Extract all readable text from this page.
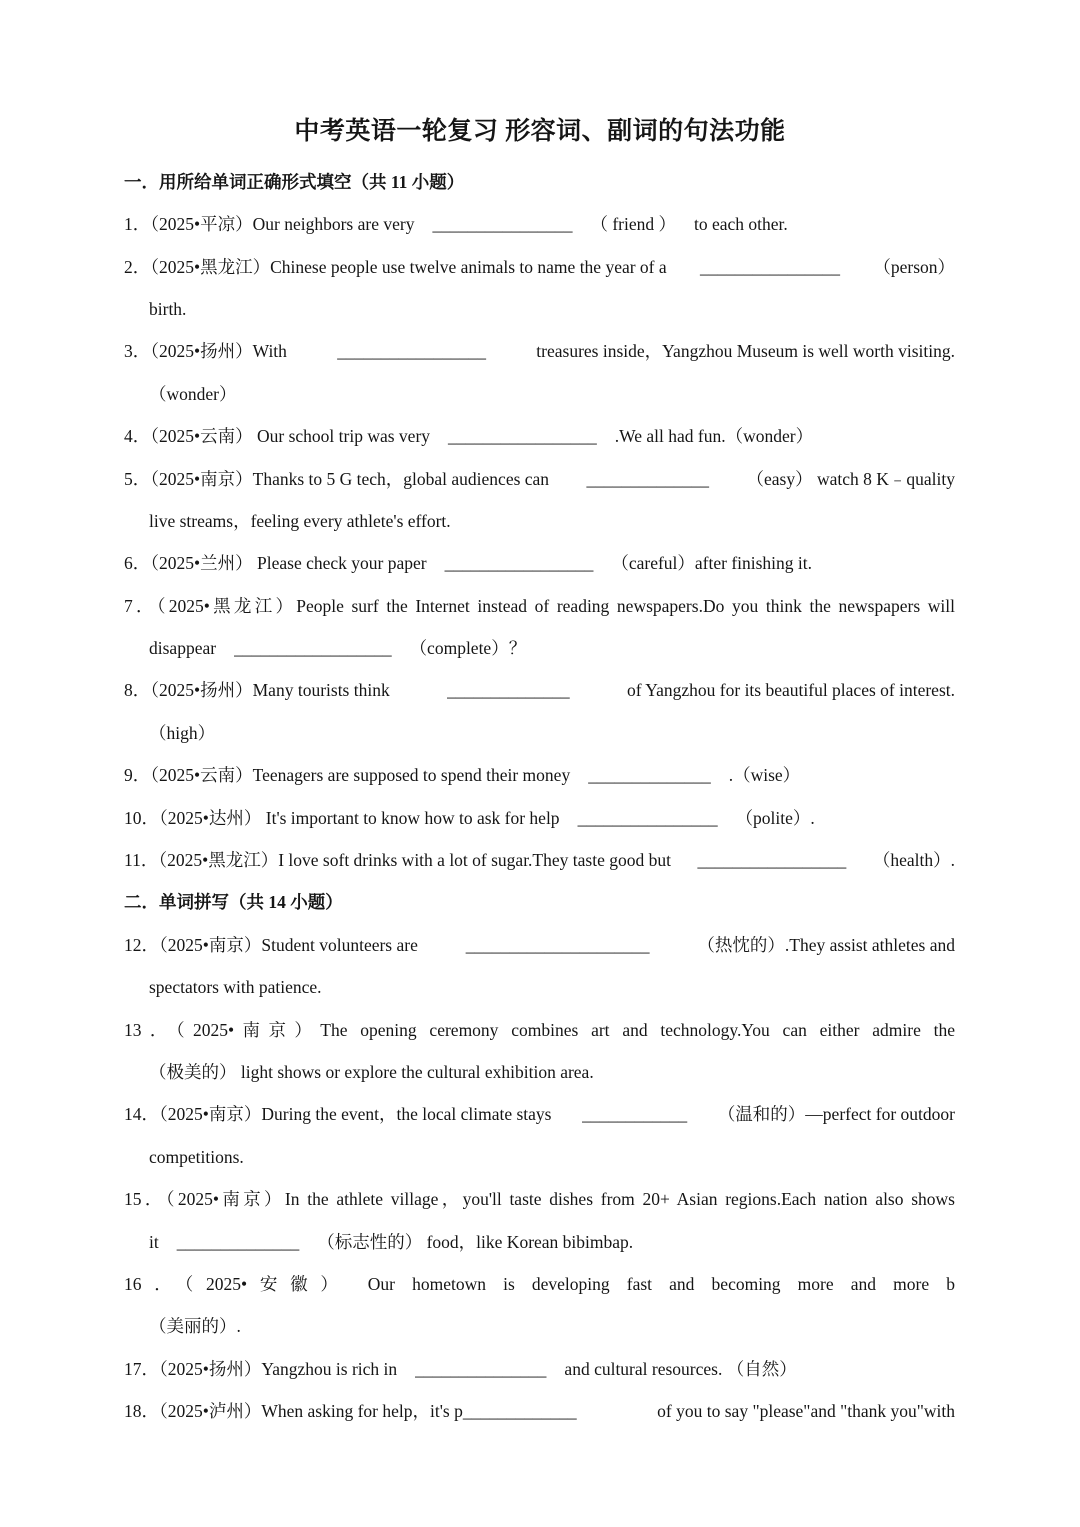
中考英语一轮复习 形容词、副词的句法功能
一．用所给单词正确形式填空（共 11 小题）
1．（2025•平凉）Our neighbors are very ________________ （ friend ） to each other.
2．（2025•黑龙江）Chinese people use twelve animals to name the year of a ________________ （person）
birth.
3．（2025•扬州）With	_________________	treasures inside，Yangzhou Museum is well worth visiting.
（wonder）
4．（2025•云南） Our school trip was very _________________ .We all had fun.（wonder）
5．（2025•南京）Thanks to 5 G tech，global audiences can ______________ （easy） watch 8 K﹣quality
live streams，feeling every athlete's effort.
6．（2025•兰州） Please check your paper _________________ （careful）after finishing it.
7．（2025•黑龙江）People surf the Internet instead of reading newspapers.Do you think the newspapers will
disappear __________________ （complete）？
8．（2025•扬州）Many tourists think	______________	of Yangzhou for its beautiful places of interest.
（high）
9．（2025•云南）Teenagers are supposed to spend their money ______________ .（wise）
10．（2025•达州） It's important to know how to ask for help ________________ （polite）.
11．（2025•黑龙江）I love soft drinks with a lot of sugar.They taste good but _________________ （health）.
二．单词拼写（共 14 小题）
12．（2025•南京）Student volunteers are	_____________________	（热忱的）.They assist athletes and
spectators with patience.
13．（2025•南京）The opening ceremony combines art and technology.You can either admire the
（极美的） light shows or explore the cultural exhibition area.
14．（2025•南京）During the event，the local climate stays ____________ （温和的）—perfect for outdoor
competitions.
15．（2025•南京）In the athlete village，you'll taste dishes from 20+ Asian regions.Each nation also shows
it ______________ （标志性的） food，like Korean bibimbap.
16．（2025•安徽） Our hometown is developing fast and becoming more and more b
（美丽的）.
17．（2025•扬州）Yangzhou is rich in _______________ and cultural resources. （自然）
18．（2025•泸州）When asking for help，it's p_____________	of you to say "please"and "thank you"with
